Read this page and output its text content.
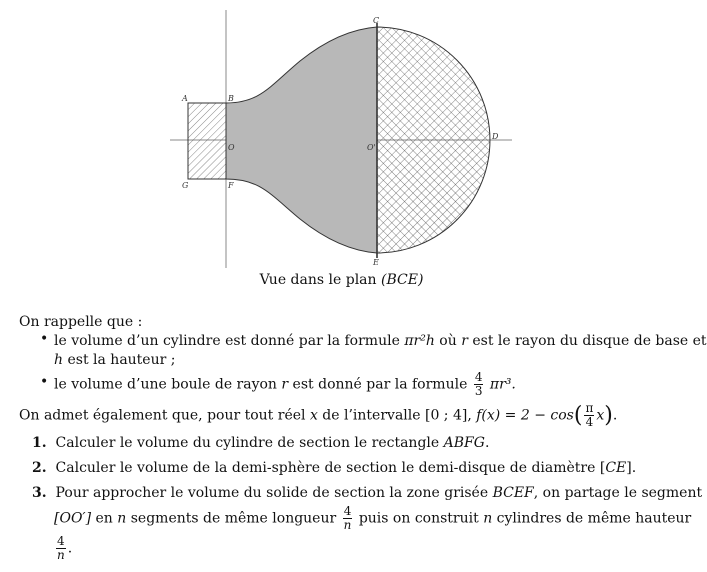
A	B
C
D
E
F
G
O	O'
Vue dans le plan (BCE)
On rappelle que :
• le volume d’un cylindre est donné par la formule πr²h où r est le rayon du disque de base et
h est la hauteur ;
• le volume d’une boule de rayon r est donné par la formule $\frac{4}{3} \pi r^3$.
On admet également que, pour tout réel x de l’intervalle [0 ; 4], $f(x) = 2 - \cos( \frac{\pi}{4} x)$.
1. Calculer le volume du cylindre de section le rectangle ABFG.
2. Calculer le volume de la demi-sphère de section le demi-disque de diamètre [CE].
3. Pour approcher le volume du solide de section la zone grisée BCEF, on partage le segment
[OO′] en n segments de même longueur $\frac{4}{n}$ puis on construit n cylindres de même hauteur
$\frac{4}{n}$ .
